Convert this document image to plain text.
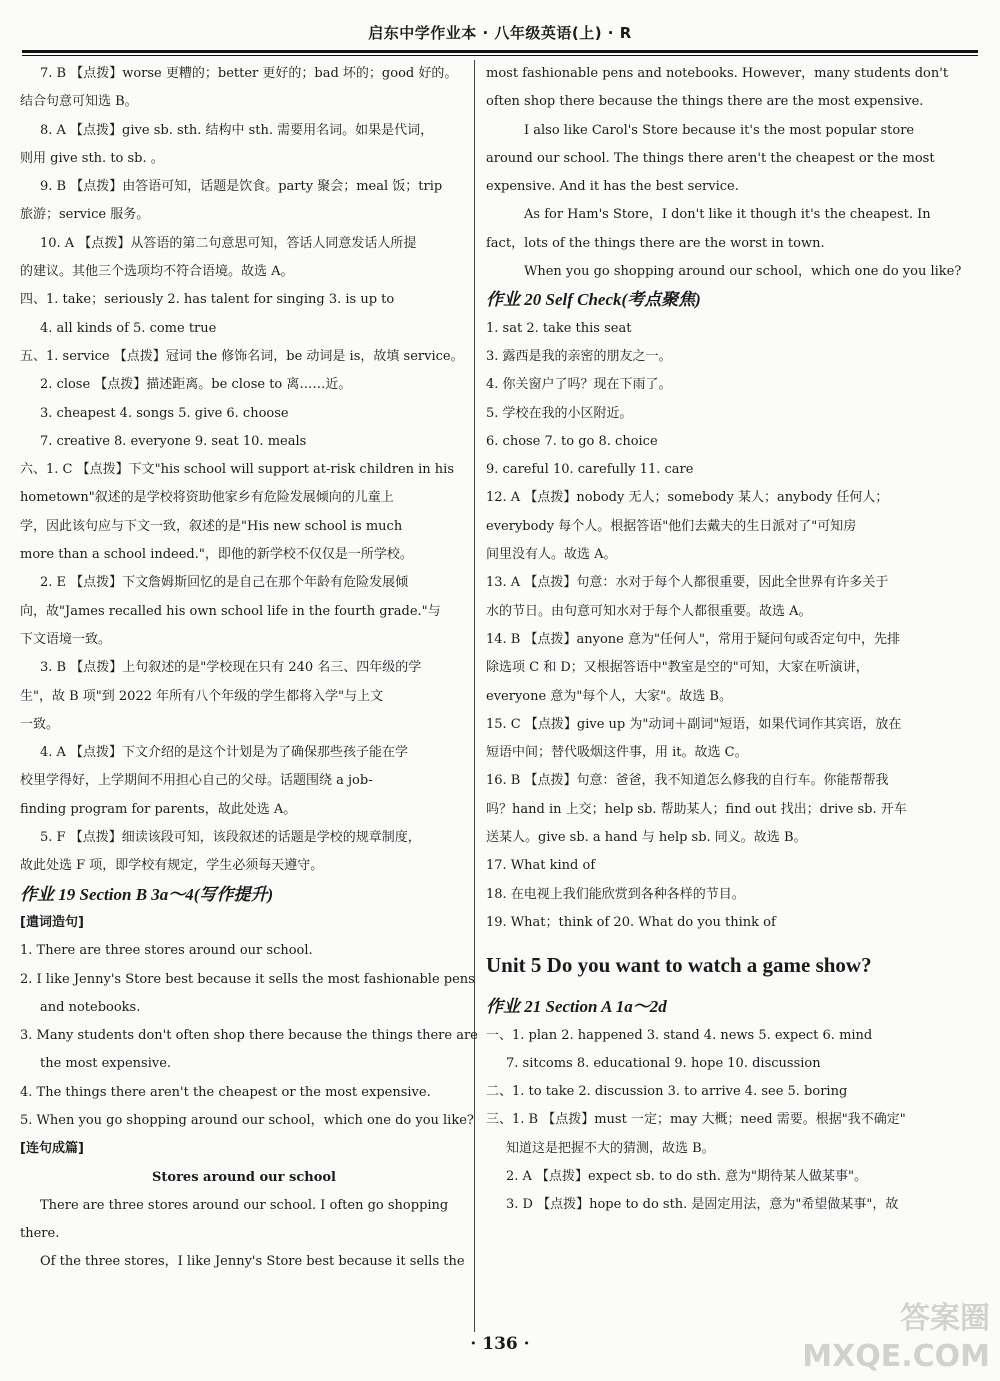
启东中学作业本 · 八年级英语(上) · R
7. B 【点拨】worse 更糟的；better 更好的；bad 坏的；good 好的。
结合句意可知选 B。
8. A 【点拨】give sb. sth. 结构中 sth. 需要用名词。如果是代词，
则用 give sth. to sb. 。
9. B 【点拨】由答语可知，话题是饮食。party 聚会；meal 饭；trip
旅游；service 服务。
10. A 【点拨】从答语的第二句意思可知，答话人同意发话人所提
的建议。其他三个选项均不符合语境。故选 A。
四、1. take；seriously 2. has talent for singing 3. is up to
4. all kinds of 5. come true
五、1. service 【点拨】冠词 the 修饰名词，be 动词是 is，故填 service。
2. close 【点拨】描述距离。be close to 离……近。
3. cheapest 4. songs 5. give 6. choose
7. creative 8. everyone 9. seat 10. meals
六、1. C 【点拨】下文"his school will support at-risk children in his
hometown"叙述的是学校将资助他家乡有危险发展倾向的儿童上
学，因此该句应与下文一致，叙述的是"His new school is much
more than a school indeed."，即他的新学校不仅仅是一所学校。
2. E 【点拨】下文詹姆斯回忆的是自己在那个年龄有危险发展倾
向，故"James recalled his own school life in the fourth grade."与
下文语境一致。
3. B 【点拨】上句叙述的是"学校现在只有 240 名三、四年级的学
生"，故 B 项"到 2022 年所有八个年级的学生都将入学"与上文
一致。
4. A 【点拨】下文介绍的是这个计划是为了确保那些孩子能在学
校里学得好，上学期间不用担心自己的父母。话题围绕 a job-
finding program for parents，故此处选 A。
5. F 【点拨】细读该段可知，该段叙述的话题是学校的规章制度，
故此处选 F 项，即学校有规定，学生必须每天遵守。
作业 19 Section B 3a～4(写作提升)
[遣词造句]
1. There are three stores around our school.
2. I like Jenny's Store best because it sells the most fashionable pens
and notebooks.
3. Many students don't often shop there because the things there are
the most expensive.
4. The things there aren't the cheapest or the most expensive.
5. When you go shopping around our school，which one do you like?
[连句成篇]
Stores around our school
There are three stores around our school. I often go shopping
there.
Of the three stores，I like Jenny's Store best because it sells the
most fashionable pens and notebooks. However，many students don't
often shop there because the things there are the most expensive.
I also like Carol's Store because it's the most popular store
around our school. The things there aren't the cheapest or the most
expensive. And it has the best service.
As for Ham's Store，I don't like it though it's the cheapest. In
fact，lots of the things there are the worst in town.
When you go shopping around our school，which one do you like?
作业 20 Self Check(考点聚焦)
1. sat 2. take this seat
3. 露西是我的亲密的朋友之一。
4. 你关窗户了吗？现在下雨了。
5. 学校在我的小区附近。
6. chose 7. to go 8. choice
9. careful 10. carefully 11. care
12. A 【点拨】nobody 无人；somebody 某人；anybody 任何人；
everybody 每个人。根据答语"他们去戴夫的生日派对了"可知房
间里没有人。故选 A。
13. A 【点拨】句意：水对于每个人都很重要，因此全世界有许多关于
水的节日。由句意可知水对于每个人都很重要。故选 A。
14. B 【点拨】anyone 意为"任何人"，常用于疑问句或否定句中，先排
除选项 C 和 D；又根据答语中"教室是空的"可知，大家在听演讲，
everyone 意为"每个人，大家"。故选 B。
15. C 【点拨】give up 为"动词＋副词"短语，如果代词作其宾语，放在
短语中间；替代吸烟这件事，用 it。故选 C。
16. B 【点拨】句意：爸爸，我不知道怎么修我的自行车。你能帮帮我
吗？hand in 上交；help sb. 帮助某人；find out 找出；drive sb. 开车
送某人。give sb. a hand 与 help sb. 同义。故选 B。
17. What kind of
18. 在电视上我们能欣赏到各种各样的节目。
19. What；think of 20. What do you think of
Unit 5 Do you want to watch a game show?
作业 21 Section A 1a～2d
一、1. plan 2. happened 3. stand 4. news 5. expect 6. mind
7. sitcoms 8. educational 9. hope 10. discussion
二、1. to take 2. discussion 3. to arrive 4. see 5. boring
三、1. B 【点拨】must 一定；may 大概；need 需要。根据"我不确定"
知道这是把握不大的猜测，故选 B。
2. A 【点拨】expect sb. to do sth. 意为"期待某人做某事"。
3. D 【点拨】hope to do sth. 是固定用法，意为"希望做某事"，故
· 136 ·
答案圈
MXQE.COM
